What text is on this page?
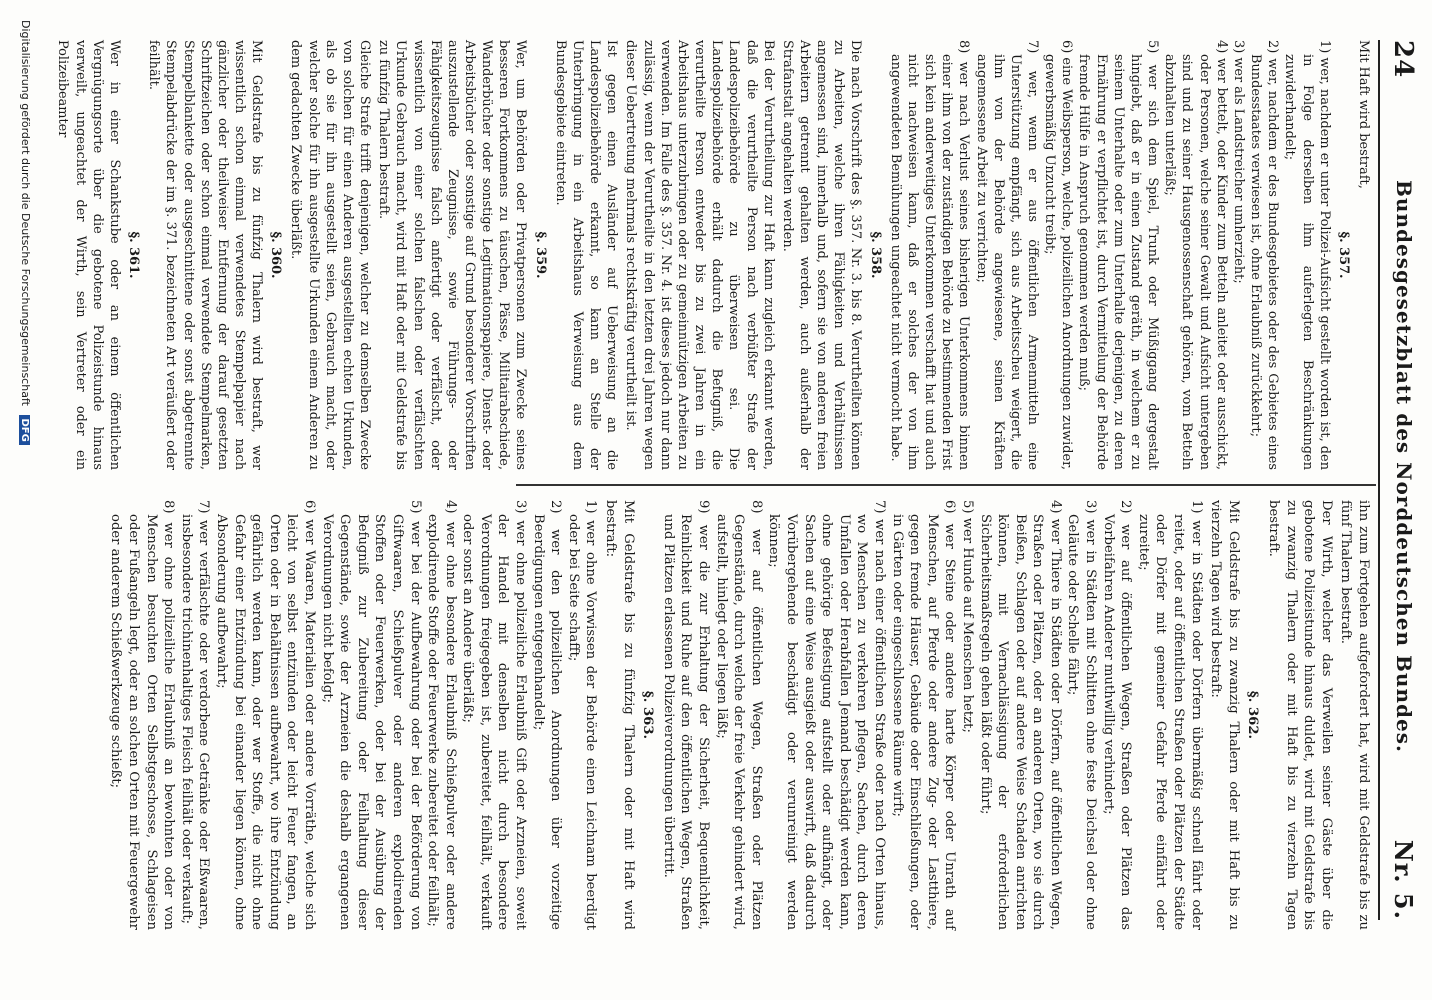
24
Bundesgesetzblatt des Norddeutschen Bundes.
Nr. 5.
Mit Haft wird bestraft,
§. 357.
1) wer, nachdem er unter Polizei-Aufsicht gestellt worden ist, den in Folge derselben ihm auferlegten Beschränkungen zuwiderhandelt;
2) wer, nachdem er des Bundesgebietes oder des Gebietes eines Bundesstaates verwiesen ist, ohne Erlaubniß zurückkehrt;
3) wer als Landstreicher umherzieht;
4) wer bettelt, oder Kinder zum Betteln anleitet oder ausschickt, oder Personen, welche seiner Gewalt und Aufsicht untergeben sind und zu seiner Hausgenossenschaft gehören, vom Betteln abzuhalten unterläßt;
5) wer sich dem Spiel, Trunk oder Müßiggang dergestalt hingiebt, daß er in einen Zustand geräth, in welchem er zu seinem Unterhalte oder zum Unterhalte derjenigen, zu deren Ernährung er verpflichtet ist, durch Vermittelung der Behörde fremde Hülfe in Anspruch genommen werden muß;
6) eine Weibsperson, welche, polizeilichen Anordnungen zuwider, gewerbsmäßig Unzucht treibt;
7) wer, wenn er aus öffentlichen Armenmitteln eine Unterstützung empfängt, sich aus Arbeitsscheu weigert, die ihm von der Behörde angewiesene, seinen Kräften angemessene Arbeit zu verrichten;
8) wer nach Verlust seines bisherigen Unterkommens binnen einer ihm von der zuständigen Behörde zu bestimmenden Frist sich kein anderweitiges Unterkommen verschafft hat und auch nicht nachweisen kann, daß er solches der von ihm angewendeten Bemühungen ungeachtet nicht vermocht habe.
§. 358.
Die nach Vorschrift des §. 357. Nr. 3. bis 8. Verurtheilten können zu Arbeiten, welche ihren Fähigkeiten und Verhältnissen angemessen sind, innerhalb und, sofern sie von anderen freien Arbeitern getrennt gehalten werden, auch außerhalb der Strafanstalt angehalten werden.
Bei der Verurtheilung zur Haft kann zugleich erkannt werden, daß die verurtheilte Person nach verbüßter Strafe der Landespolizeibehörde zu überweisen sei. Die Landespolizeibehörde erhält dadurch die Befugniß, die verurtheilte Person entweder bis zu zwei Jahren in ein Arbeitshaus unterzubringen oder zu gemeinnützigen Arbeiten zu verwenden. Im Falle des §. 357. Nr. 4. ist dieses jedoch nur dann zulässig, wenn der Verurtheilte in den letzten drei Jahren wegen dieser Uebertretung mehrmals rechtskräftig verurtheilt ist.
Ist gegen einen Ausländer auf Ueberweisung an die Landespolizeibehörde erkannt, so kann an Stelle der Unterbringung in ein Arbeitshaus Verweisung aus dem Bundesgebiete eintreten.
§. 359.
Wer, um Behörden oder Privatpersonen zum Zwecke seines besseren Fortkommens zu täuschen, Pässe, Militairabschiede, Wanderbücher oder sonstige Legitimationspapiere, Dienst- oder Arbeitsbücher oder sonstige auf Grund besonderer Vorschriften auszustellende Zeugnisse, sowie Führungs- oder Fähigkeitszeugnisse falsch anfertigt oder verfälscht, oder wissentlich von einer solchen falschen oder verfälschten Urkunde Gebrauch macht, wird mit Haft oder mit Geldstrafe bis zu fünfzig Thalern bestraft.
Gleiche Strafe trifft denjenigen, welcher zu demselben Zwecke von solchen für einen Anderen ausgestellten echten Urkunden, als ob sie für ihn ausgestellt seien, Gebrauch macht, oder welcher solche für ihn ausgestellte Urkunden einem Anderen zu dem gedachten Zwecke überläßt.
§. 360.
Mit Geldstrafe bis zu fünfzig Thalern wird bestraft, wer wissentlich schon einmal verwendetes Stempelpapier nach gänzlicher oder theilweiser Entfernung der darauf gesetzten Schriftzeichen oder schon einmal verwendete Stempelmarken, Stempelblankette oder ausgeschnittene oder sonst abgetrennte Stempelabdrücke der im §. 371. bezeichneten Art veräußert oder feilhält.
§. 361.
Wer in einer Schankstube oder an einem öffentlichen Vergnügungsorte über die gebotene Polizeistunde hinaus verweilt, ungeachtet der Wirth, sein Vertreter oder ein Polizeibeamter
ihn zum Fortgehen aufgefordert hat, wird mit Geldstrafe bis zu fünf Thalern bestraft.
Der Wirth, welcher das Verweilen seiner Gäste über die gebotene Polizeistunde hinaus duldet, wird mit Geldstrafe bis zu zwanzig Thalern oder mit Haft bis zu vierzehn Tagen bestraft.
§. 362.
Mit Geldstrafe bis zu zwanzig Thalern oder mit Haft bis zu vierzehn Tagen wird bestraft:
1) wer in Städten oder Dörfern übermäßig schnell fährt oder reitet, oder auf öffentlichen Straßen oder Plätzen der Städte oder Dörfer mit gemeiner Gefahr Pferde einfährt oder zureitet;
2) wer auf öffentlichen Wegen, Straßen oder Plätzen das Vorbeifahren Anderer muthwillig verhindert;
3) wer in Städten mit Schlitten ohne feste Deichsel oder ohne Geläute oder Schelle fährt;
4) wer Thiere in Städten oder Dörfern, auf öffentlichen Wegen, Straßen oder Plätzen, oder an anderen Orten, wo sie durch Beißen, Schlagen oder auf andere Weise Schaden anrichten können, mit Vernachlässigung der erforderlichen Sicherheitsmaßregeln gehen läßt oder führt;
5) wer Hunde auf Menschen hetzt;
6) wer Steine oder andere harte Körper oder Unrath auf Menschen, auf Pferde oder andere Zug- oder Lastthiere, gegen fremde Häuser, Gebäude oder Einschließungen, oder in Gärten oder eingeschlossene Räume wirft;
7) wer nach einer öffentlichen Straße oder nach Orten hinaus, wo Menschen zu verkehren pflegen, Sachen, durch deren Umfallen oder Herabfallen Jemand beschädigt werden kann, ohne gehörige Befestigung aufstellt oder aufhängt, oder Sachen auf eine Weise ausgießt oder auswirft, daß dadurch Vorübergehende beschädigt oder verunreinigt werden können;
8) wer auf öffentlichen Wegen, Straßen oder Plätzen Gegenstände, durch welche der freie Verkehr gehindert wird, aufstellt, hinlegt oder liegen läßt;
9) wer die zur Erhaltung der Sicherheit, Bequemlichkeit, Reinlichkeit und Ruhe auf den öffentlichen Wegen, Straßen und Plätzen erlassenen Polizeiverordnungen übertritt.
§. 363.
Mit Geldstrafe bis zu fünfzig Thalern oder mit Haft wird bestraft:
1) wer ohne Vorwissen der Behörde einen Leichnam beerdigt oder bei Seite schafft;
2) wer den polizeilichen Anordnungen über vorzeitige Beerdigungen entgegenhandelt;
3) wer ohne polizeiliche Erlaubniß Gift oder Arzneien, soweit der Handel mit denselben nicht durch besondere Verordnungen freigegeben ist, zubereitet, feilhält, verkauft oder sonst an Andere überläßt;
4) wer ohne besondere Erlaubniß Schießpulver oder andere explodirende Stoffe oder Feuerwerke zubereitet oder feilhält;
5) wer bei der Aufbewahrung oder bei der Beförderung von Giftwaaren, Schießpulver oder anderen explodirenden Stoffen oder Feuerwerken, oder bei der Ausübung der Befugniß zur Zubereitung oder Feilhaltung dieser Gegenstände, sowie der Arzneien die deshalb ergangenen Verordnungen nicht befolgt;
6) wer Waaren, Materialien oder andere Vorräthe, welche sich leicht von selbst entzünden oder leicht Feuer fangen, an Orten oder in Behältnissen aufbewahrt, wo ihre Entzündung gefährlich werden kann, oder wer Stoffe, die nicht ohne Gefahr einer Entzündung bei einander liegen können, ohne Absonderung aufbewahrt;
7) wer verfälschte oder verdorbene Getränke oder Eßwaaren, insbesondere trichinenhaltiges Fleisch feilhält oder verkauft;
8) wer ohne polizeiliche Erlaubniß an bewohnten oder von Menschen besuchten Orten Selbstgeschosse, Schlageisen oder Fußangeln legt, oder an solchen Orten mit Feuergewehr oder anderem Schießwerkzeuge schießt;
Digitalisierung gefördert durch die Deutsche Forschungsgemeinschaft DFG
